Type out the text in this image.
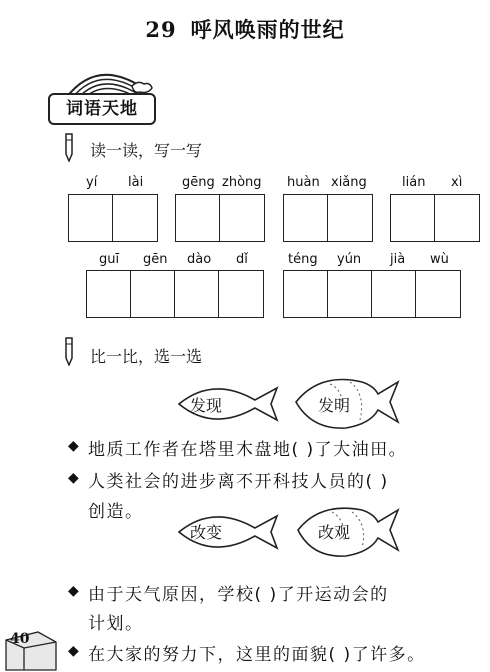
29 呼风唤雨的世纪
词语天地
读一读，写一写
yí lài	gēng zhòng huàn xiǎng	lián xì
guī gēn dào dǐ	téng yún jià wù
比一比，选一选
发现	发明
◆ 地质工作者在塔里木盘地( )了大油田。
◆ 人类社会的进步离不开科技人员的( )
创造。
改变	改观
◆ 由于天气原因，学校( )了开运动会的
计划。
◆ 在大家的努力下，这里的面貌( )了许多。
40
